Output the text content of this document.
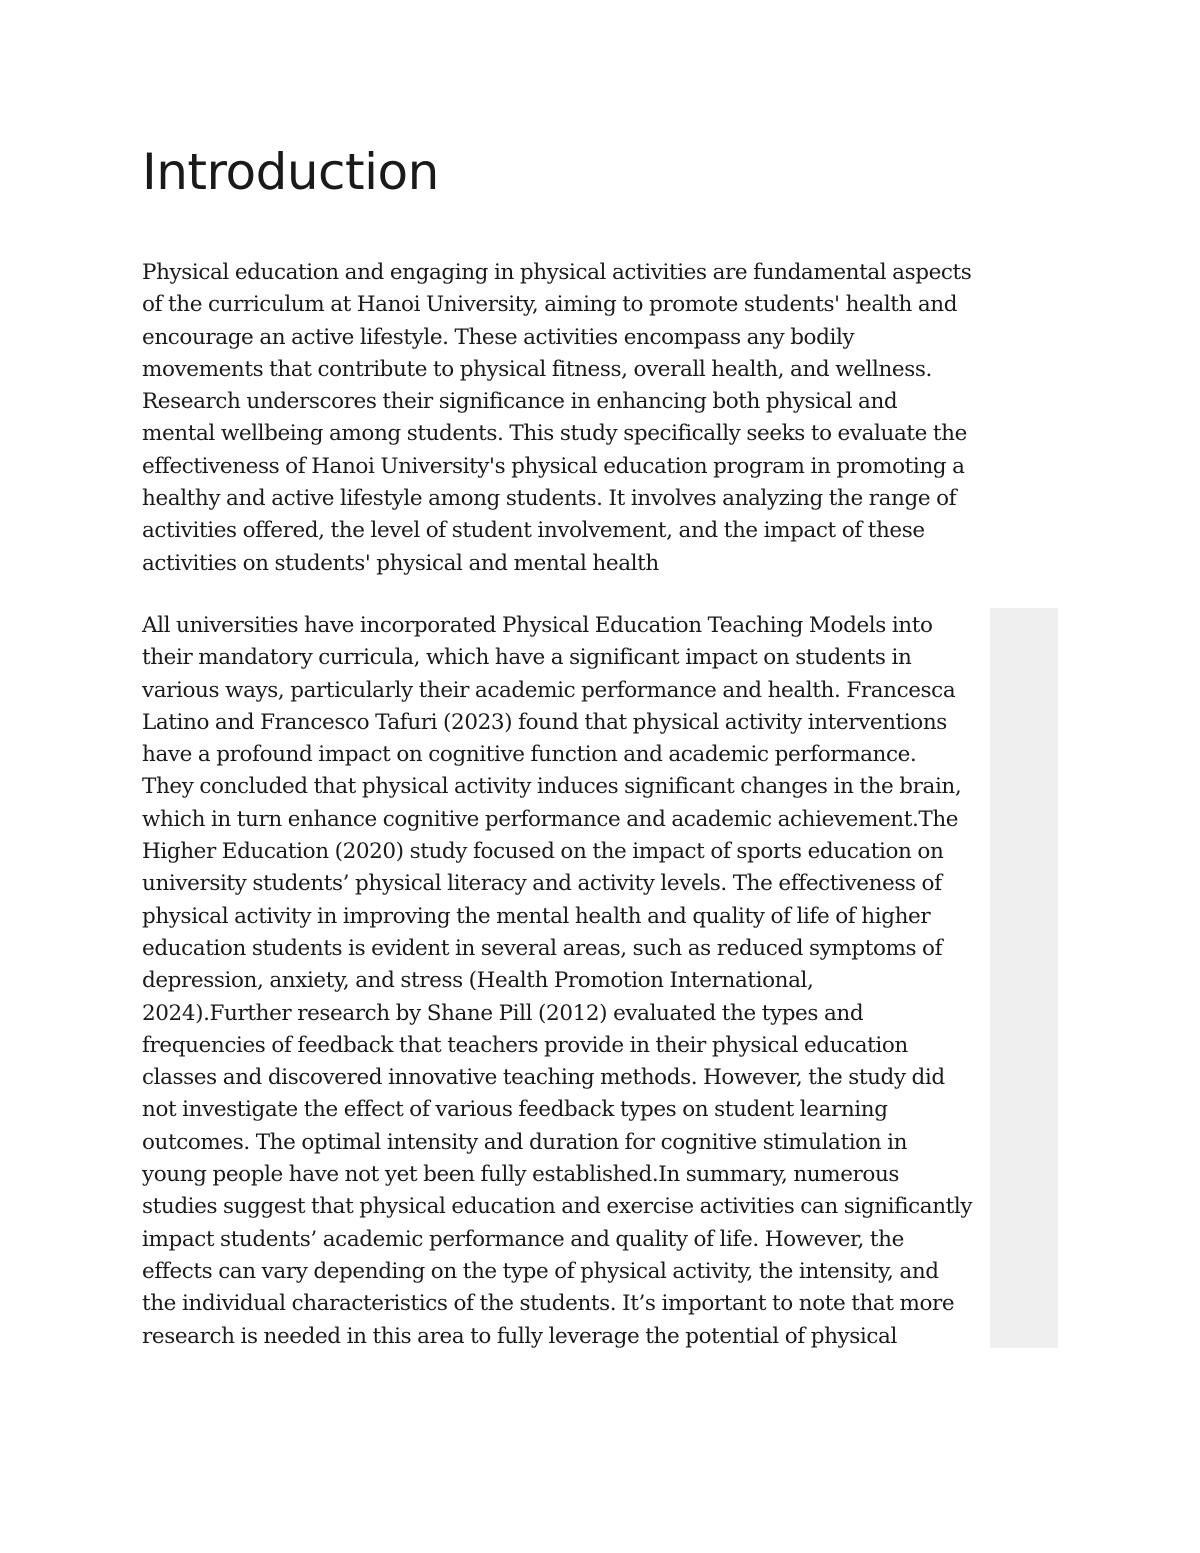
Introduction
Physical education and engaging in physical activities are fundamental aspects
of the curriculum at Hanoi University, aiming to promote students' health and
encourage an active lifestyle. These activities encompass any bodily
movements that contribute to physical fitness, overall health, and wellness.
Research underscores their significance in enhancing both physical and
mental wellbeing among students. This study specifically seeks to evaluate the
effectiveness of Hanoi University's physical education program in promoting a
healthy and active lifestyle among students. It involves analyzing the range of
activities offered, the level of student involvement, and the impact of these
activities on students' physical and mental health
All universities have incorporated Physical Education Teaching Models into
their mandatory curricula, which have a significant impact on students in
various ways, particularly their academic performance and health. Francesca
Latino and Francesco Tafuri (2023) found that physical activity interventions
have a profound impact on cognitive function and academic performance.
They concluded that physical activity induces significant changes in the brain,
which in turn enhance cognitive performance and academic achievement.The
Higher Education (2020) study focused on the impact of sports education on
university students’ physical literacy and activity levels. The effectiveness of
physical activity in improving the mental health and quality of life of higher
education students is evident in several areas, such as reduced symptoms of
depression, anxiety, and stress (Health Promotion International,
2024).Further research by Shane Pill (2012) evaluated the types and
frequencies of feedback that teachers provide in their physical education
classes and discovered innovative teaching methods. However, the study did
not investigate the effect of various feedback types on student learning
outcomes. The optimal intensity and duration for cognitive stimulation in
young people have not yet been fully established.In summary, numerous
studies suggest that physical education and exercise activities can significantly
impact students’ academic performance and quality of life. However, the
effects can vary depending on the type of physical activity, the intensity, and
the individual characteristics of the students. It’s important to note that more
research is needed in this area to fully leverage the potential of physical
